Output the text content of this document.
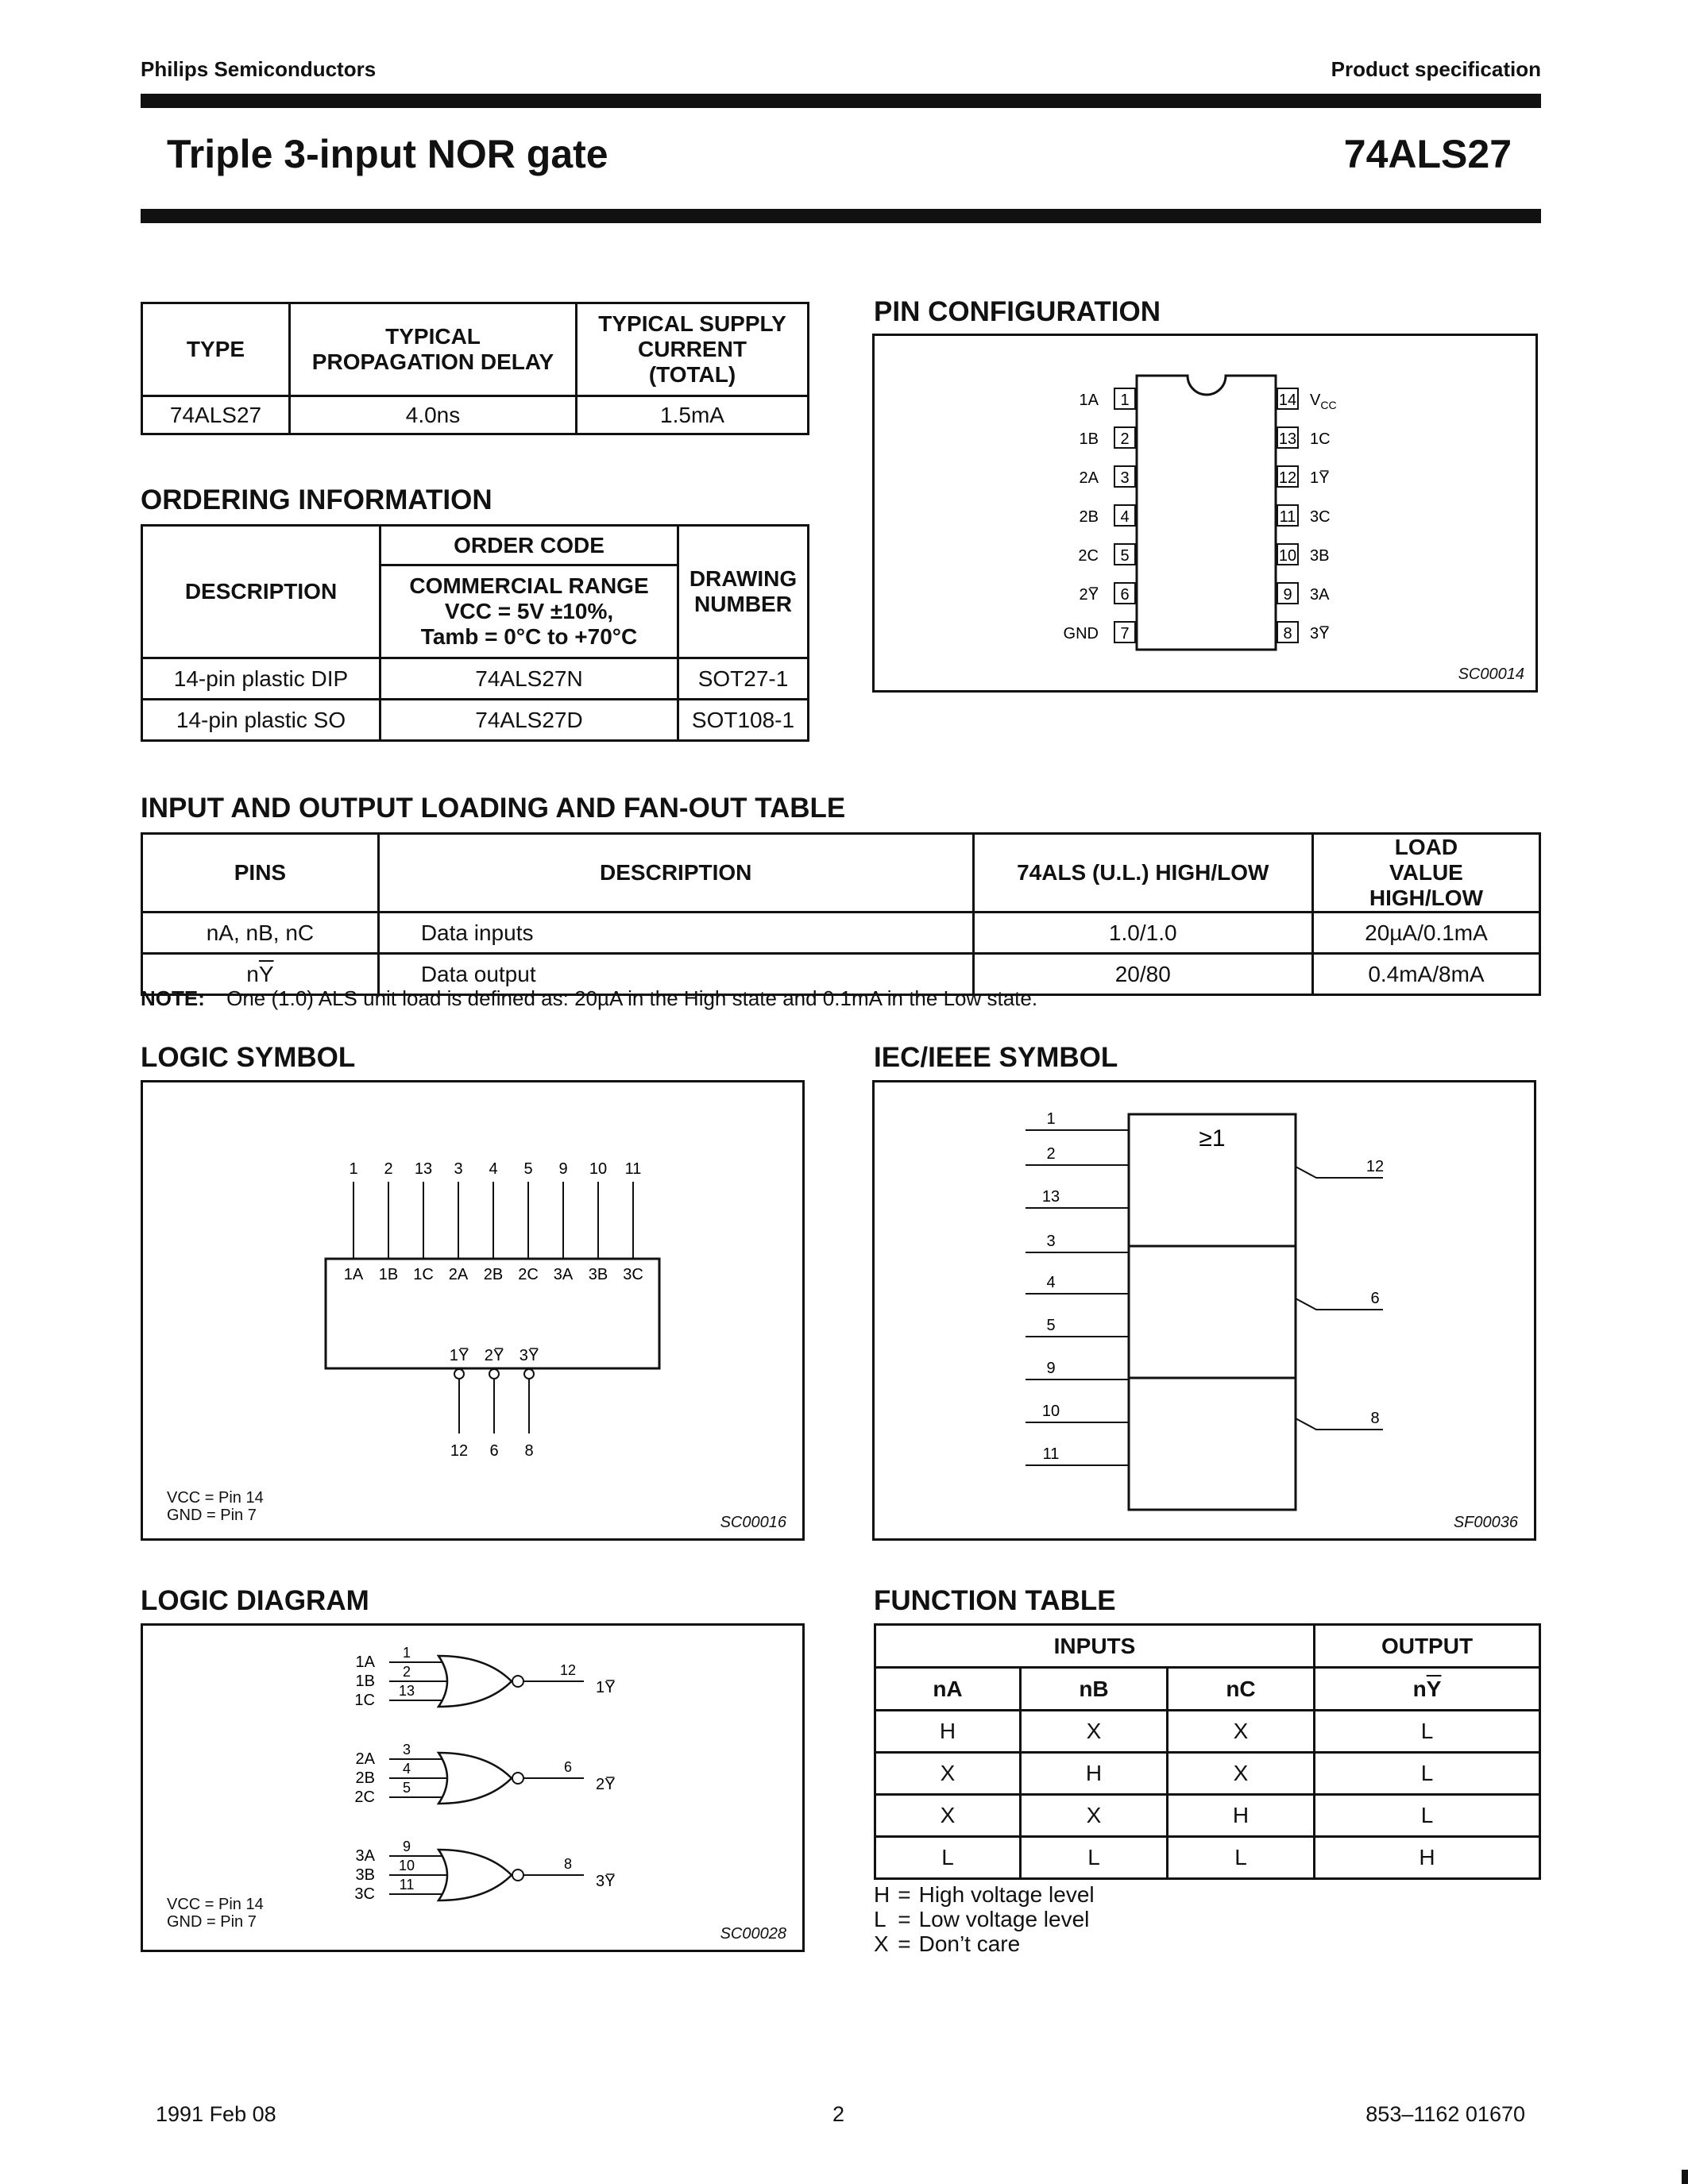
Philips Semiconductors	Product specification
Triple 3-input NOR gate	74ALS27
TYPE	TYPICAL PROPAGATION DELAY	TYPICAL SUPPLY CURRENT (TOTAL)
74ALS27	4.0ns	1.5mA
ORDERING INFORMATION
DESCRIPTION	ORDER CODE	DRAWING NUMBER

	COMMERCIAL RANGE
VCC = 5V ±10%,
Tamb = 0°C to +70°C	

14-pin plastic DIP	74ALS27N	SOT27-1
14-pin plastic SO	74ALS27D	SOT108-1
PIN CONFIGURATION
1
1A
2
1B
3
2A
4
2B
5
2C
6
2Y
7
GND
14 $V_{CC}$
13 1C
12 1Y
11 3C
10 3B
9 3A
8 3Y
SC00014
INPUT AND OUTPUT LOADING AND FAN-OUT TABLE
PINS	DESCRIPTION	74ALS (U.L.) HIGH/LOW	LOAD VALUE HIGH/LOW
nA, nB, nC	Data inputs	1.0/1.0	20µA/0.1mA
$n\overline{Y}$	Data output	20/80	0.4mA/8mA
NOTE: One (1.0) ALS unit load is defined as: 20µA in the High state and 0.1mA in the Low state.
LOGIC SYMBOL
1
1A
2
1B
13
1C
3
2A
4
2B
5
2C
9
3A
10
3B
11
3C
1Y
12
2Y
6
3Y
8
VCC = Pin 14
GND = Pin 7	SC00016
IEC/IEEE SYMBOL
≥1
1
2
13
3
4
5
9
10
11
12
6
8
SF00036
LOGIC DIAGRAM
1A
1
1B
2
1C
13
12
1Y
2A
3
2B
4
2C
5
6
2Y
3A
9
3B
10
3C
11
8
3Y
VCC = Pin 14
GND = Pin 7
SC00028
FUNCTION TABLE
INPUTS			OUTPUT
nA	nB	nC	$n\overline{Y}$
H	X	X	L
X	H	X	L
X	X	H	L
L	L	L	H
H	=	High voltage level
L	=	Low voltage level
X	=	Don’t care
1991 Feb 08	2	853–1162 01670
